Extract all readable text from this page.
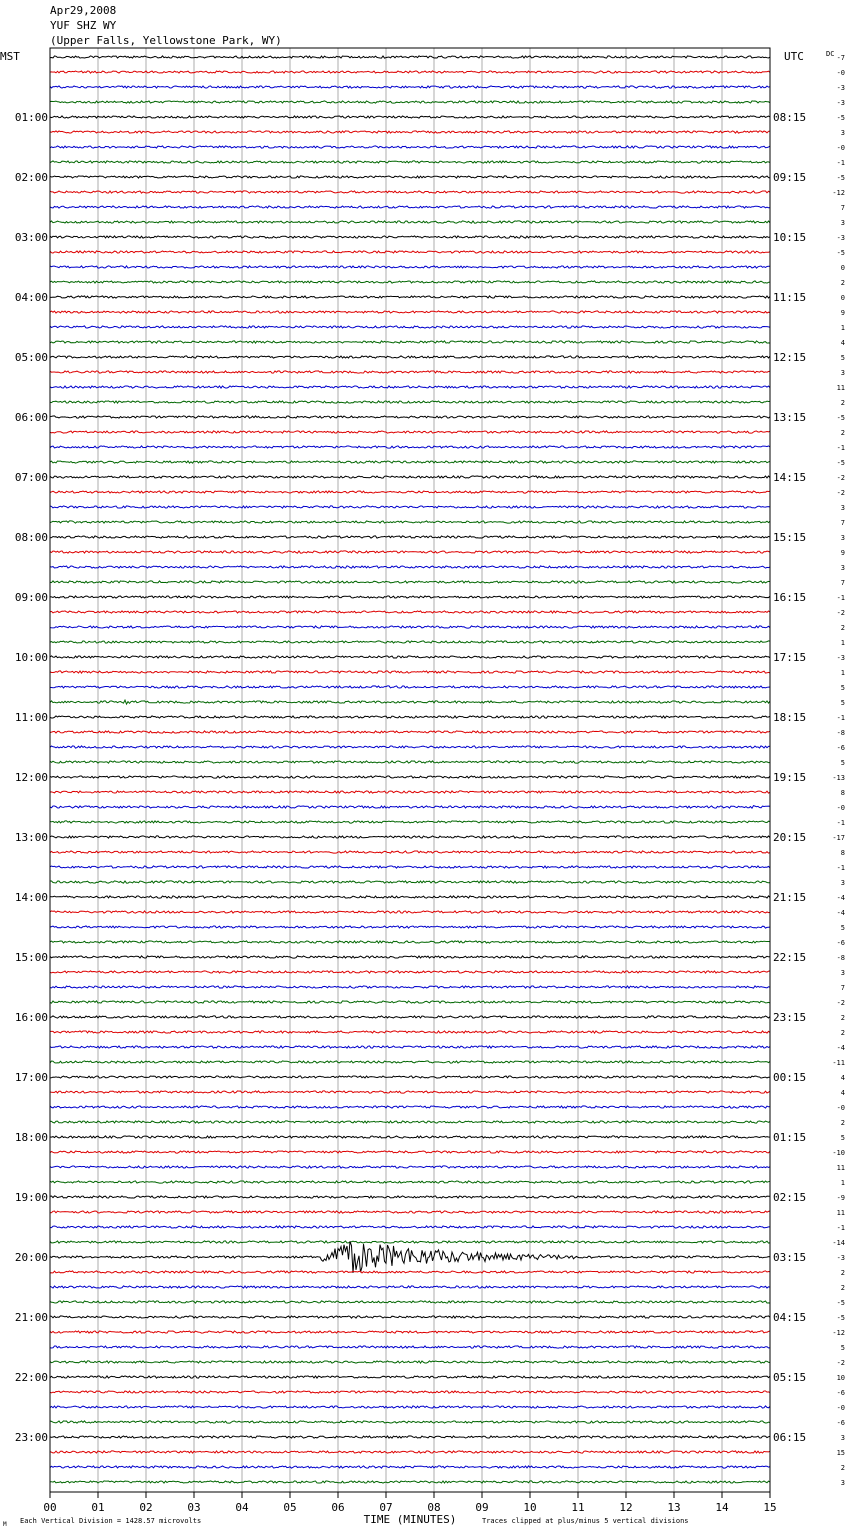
Apr29,2008
YUF SHZ WY
(Upper Falls, Yellowstone Park, WY)
00	01	02	03	04	05	06	07	08	09	10	11	12	13	14	15
-7
-0
-3
-3
-5
3
-0
-1
-5
-12
7
3
-3
-5
0
2
0
9
1
4
5
3
11
2
-5
2
-1
-5
-2
-2
3
7
3
9
3
7
-1
-2
2
1
-3
1
5
5
-1
-8
-6
5
-13
8
-0
-1
-17
8
-1
3
-4
-4
5
-6
-8
3
7
-2
2
2
-4
-11
4
4
-0
2
5
-10
11
1
-9
11
-1
-14
-3
2
2
-5
-5
-12
5
-2
10
-6
-0
-6
3
15
2
3
MST	UTC	DC
01:00
02:00
03:00
04:00
05:00
06:00
07:00
08:00
09:00
10:00
11:00
12:00
13:00
14:00
15:00
16:00
17:00
18:00
19:00
20:00
21:00
22:00
23:00
08:15
09:15
10:15
11:15
12:15
13:15
14:15
15:15
16:15
17:15
18:15
19:15
20:15
21:15
22:15
23:15
00:15
01:15
02:15
03:15
04:15
05:15
06:15
TIME (MINUTES)
Each Vertical Division = 1428.57 microvolts	Traces clipped at plus/minus 5 vertical divisions
M
